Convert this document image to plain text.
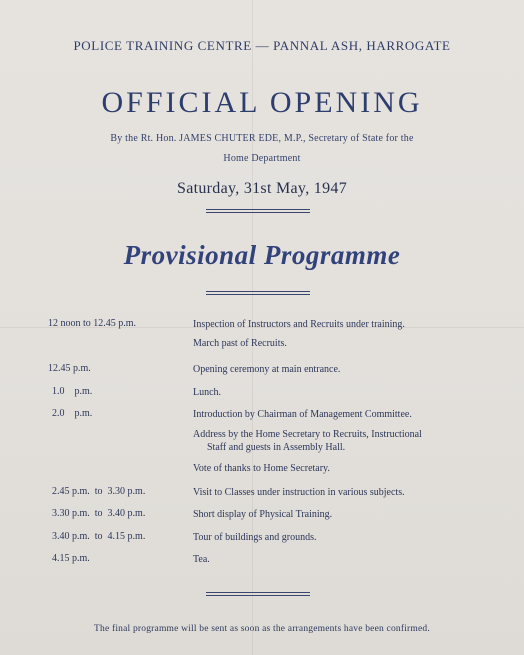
POLICE TRAINING CENTRE — PANNAL ASH, HARROGATE
OFFICIAL OPENING
By the Rt. Hon. JAMES CHUTER EDE, M.P., Secretary of State for the
Home Department
Saturday, 31st May, 1947
Provisional Programme
12 noon to 12.45 p.m.	Inspection of Instructors and Recruits under training.
March past of Recruits.
12.45 p.m.	Opening ceremony at main entrance.
1.0    p.m.	Lunch.
2.0    p.m.	Introduction by Chairman of Management Committee.
Address by the Home Secretary to Recruits, Instructional
Staff and guests in Assembly Hall.
Vote of thanks to Home Secretary.
2.45 p.m.  to  3.30 p.m.	Visit to Classes under instruction in various subjects.
3.30 p.m.  to  3.40 p.m.	Short display of Physical Training.
3.40 p.m.  to  4.15 p.m.	Tour of buildings and grounds.
4.15 p.m.	Tea.
The final programme will be sent as soon as the arrangements have been confirmed.
